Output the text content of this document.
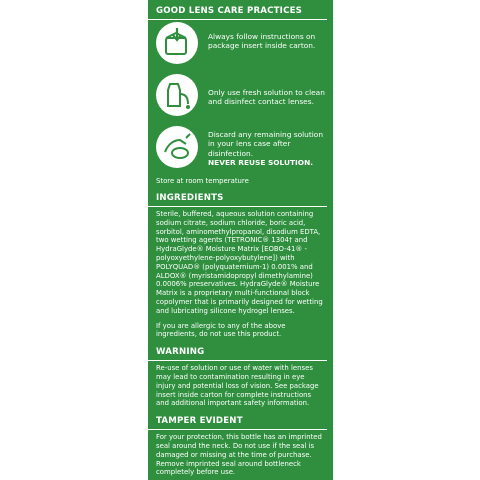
GOOD LENS CARE PRACTICES
Always follow instructions on package insert inside carton.
Only use fresh solution to clean and disinfect contact lenses.
Discard any remaining solution in your lens case after disinfection.
NEVER REUSE SOLUTION.
Store at room temperature
INGREDIENTS
Sterile, buffered, aqueous solution containing sodium citrate, sodium chloride, boric acid, sorbitol, aminomethylpropanol, disodium EDTA, two wetting agents (TETRONIC® 1304† and HydraGlyde® Moisture Matrix [EOBO-41® -polyoxyethylene-polyoxybutylene]) with POLYQUAD® (polyquaternium-1) 0.001% and ALDOX® (myristamidopropyl dimethylamine) 0.0006% preservatives. HydraGlyde® Moisture Matrix is a proprietary multi-functional block copolymer that is primarily designed for wetting and lubricating silicone hydrogel lenses.
If you are allergic to any of the above ingredients, do not use this product.
WARNING
Re-use of solution or use of water with lenses may lead to contamination resulting in eye injury and potential loss of vision. See package insert inside carton for complete instructions and additional important safety information.
TAMPER EVIDENT
For your protection, this bottle has an imprinted seal around the neck. Do not use if the seal is damaged or missing at the time of purchase. Remove imprinted seal around bottleneck completely before use.
